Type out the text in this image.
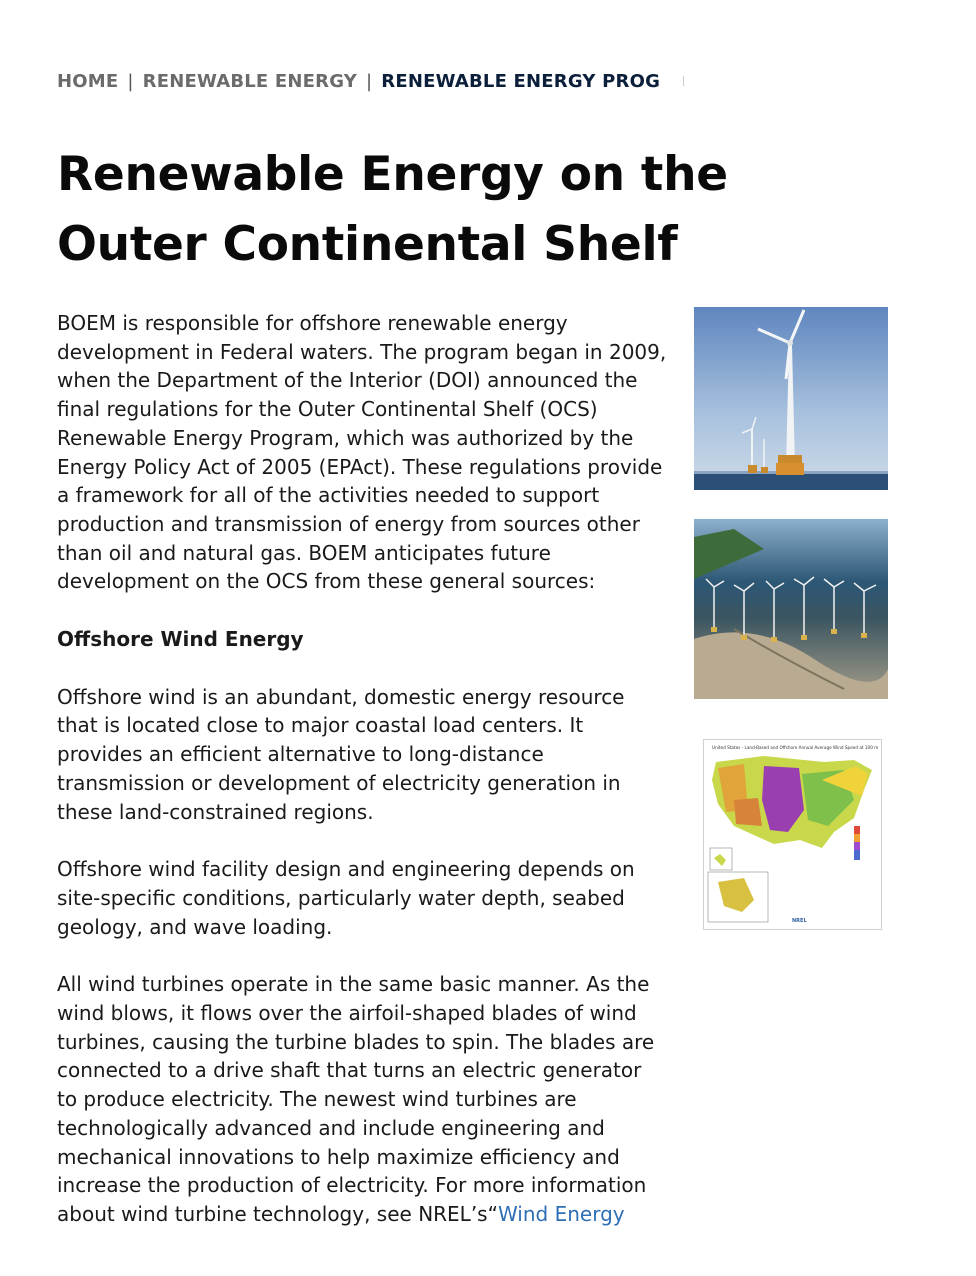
HOME | RENEWABLE ENERGY | RENEWABLE ENERGY PROG
Renewable Energy on the Outer Continental Shelf

BOEM is responsible for offshore renewable energy development in Federal waters. The program began in 2009, when the Department of the Interior (DOI) announced the final regulations for the Outer Continental Shelf (OCS) Renewable Energy Program, which was authorized by the Energy Policy Act of 2005 (EPAct). These regulations provide a framework for all of the activities needed to support production and transmission of energy from sources other than oil and natural gas. BOEM anticipates future development on the OCS from these general sources:

Offshore Wind Energy

Offshore wind is an abundant, domestic energy resource that is located close to major coastal load centers. It provides an efficient alternative to long-distance transmission or development of electricity generation in these land-constrained regions.

Offshore wind facility design and engineering depends on site-specific conditions, particularly water depth, seabed geology, and wave loading.

All wind turbines operate in the same basic manner. As the wind blows, it flows over the airfoil-shaped blades of wind turbines, causing the turbine blades to spin. The blades are connected to a drive shaft that turns an electric generator to produce electricity. The newest wind turbines are technologically advanced and include engineering and mechanical innovations to help maximize efficiency and increase the production of electricity. For more information about wind turbine technology, see NREL’s“Wind Energy

United States - Land-Based and Offshore Annual Average Wind Speed at 100 m
NREL
